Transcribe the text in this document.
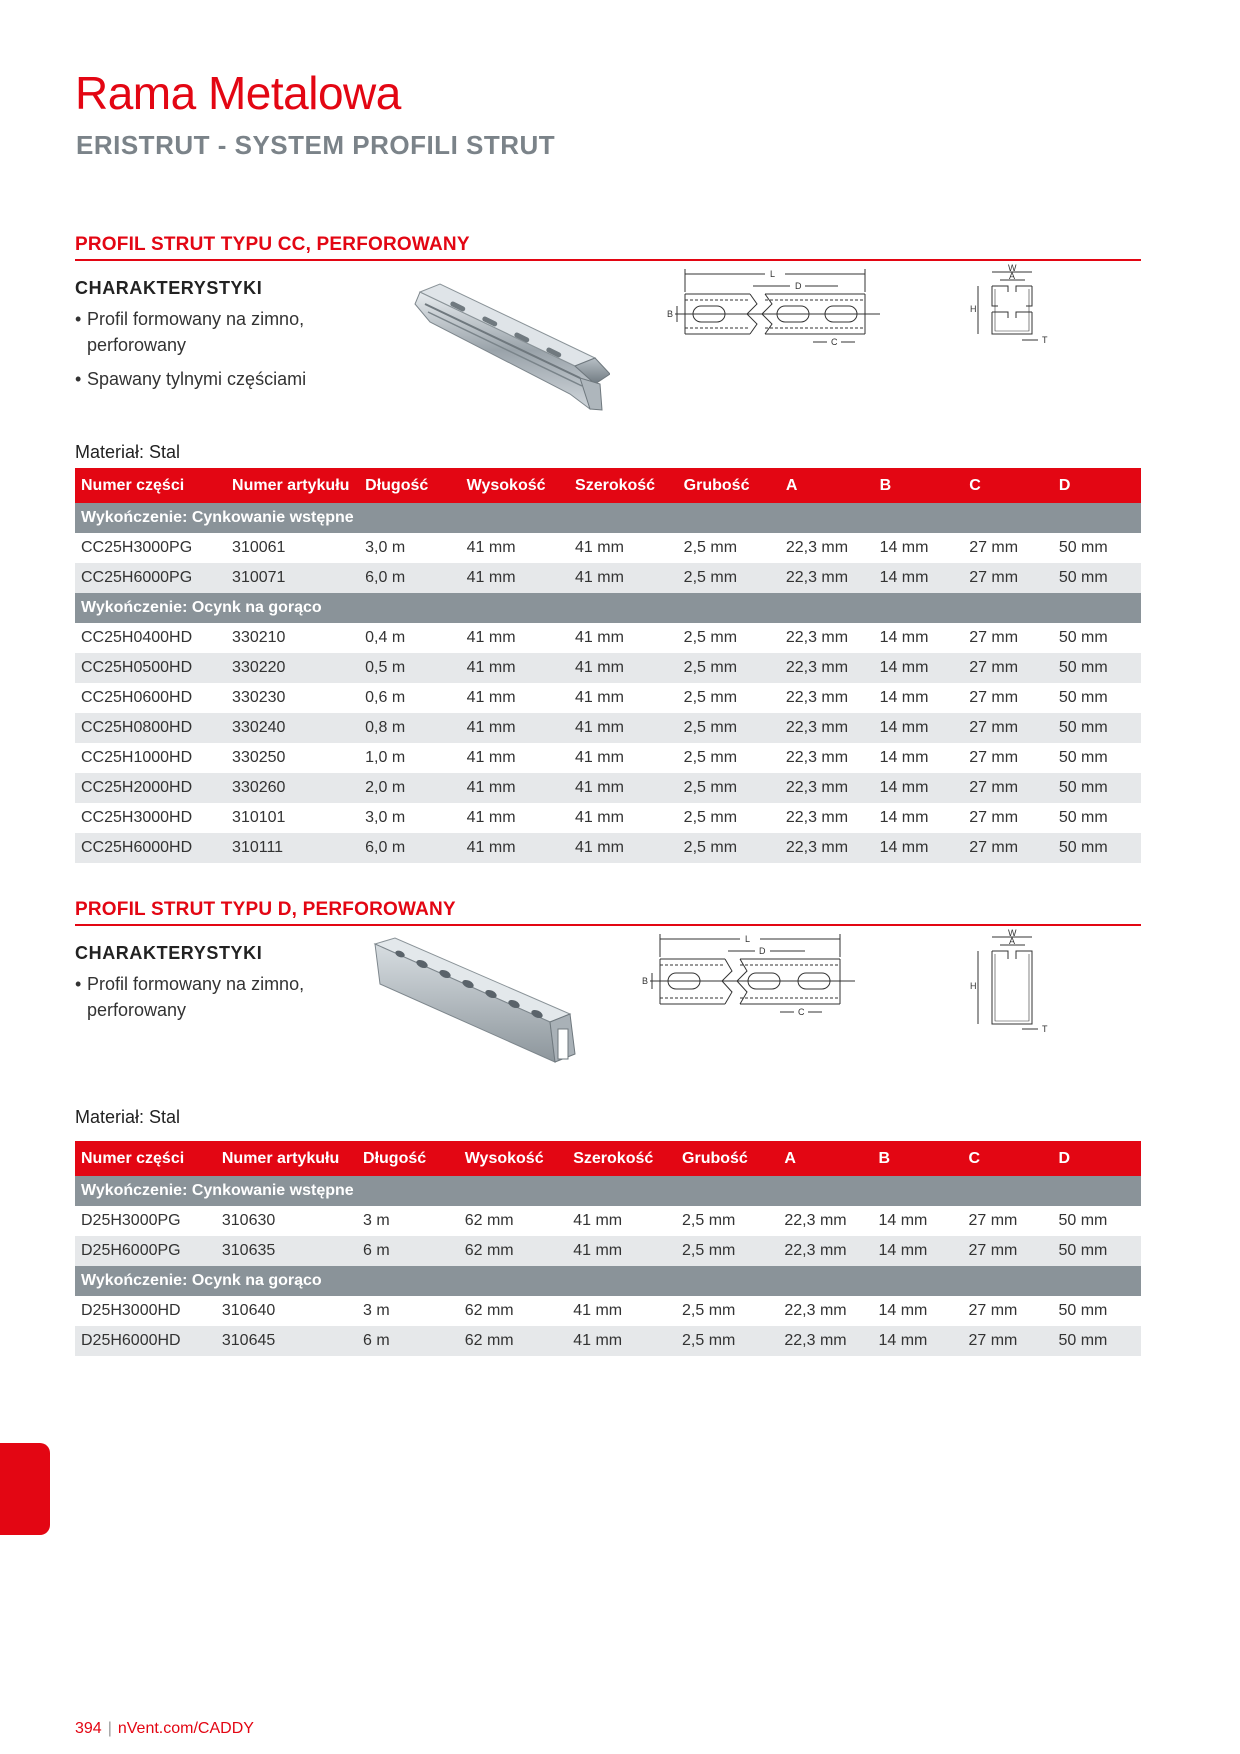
Rama Metalowa
ERISTRUT - SYSTEM PROFILI STRUT
PROFIL STRUT TYPU CC, PERFOROWANY
CHARAKTERYSTYKI
• Profil formowany na zimno, perforowany
• Spawany tylnymi częściami
L
D
B
C
W
A
H
T
Materiał: Stal
Numer części	Numer artykułu	Długość	Wysokość	Szerokość	Grubość	A	B	C	D
Wykończenie: Cynkowanie wstępne									
CC25H3000PG	310061	3,0 m	41 mm	41 mm	2,5 mm	22,3 mm	14 mm	27 mm	50 mm
CC25H6000PG	310071	6,0 m	41 mm	41 mm	2,5 mm	22,3 mm	14 mm	27 mm	50 mm
Wykończenie: Ocynk na gorąco									
CC25H0400HD	330210	0,4 m	41 mm	41 mm	2,5 mm	22,3 mm	14 mm	27 mm	50 mm
CC25H0500HD	330220	0,5 m	41 mm	41 mm	2,5 mm	22,3 mm	14 mm	27 mm	50 mm
CC25H0600HD	330230	0,6 m	41 mm	41 mm	2,5 mm	22,3 mm	14 mm	27 mm	50 mm
CC25H0800HD	330240	0,8 m	41 mm	41 mm	2,5 mm	22,3 mm	14 mm	27 mm	50 mm
CC25H1000HD	330250	1,0 m	41 mm	41 mm	2,5 mm	22,3 mm	14 mm	27 mm	50 mm
CC25H2000HD	330260	2,0 m	41 mm	41 mm	2,5 mm	22,3 mm	14 mm	27 mm	50 mm
CC25H3000HD	310101	3,0 m	41 mm	41 mm	2,5 mm	22,3 mm	14 mm	27 mm	50 mm
CC25H6000HD	310111	6,0 m	41 mm	41 mm	2,5 mm	22,3 mm	14 mm	27 mm	50 mm
PROFIL STRUT TYPU D, PERFOROWANY
CHARAKTERYSTYKI
• Profil formowany na zimno, perforowany
L
D
B
C
W
A
H
T
Materiał: Stal
Numer części	Numer artykułu	Długość	Wysokość	Szerokość	Grubość	A	B	C	D
Wykończenie: Cynkowanie wstępne									
D25H3000PG	310630	3 m	62 mm	41 mm	2,5 mm	22,3 mm	14 mm	27 mm	50 mm
D25H6000PG	310635	6 m	62 mm	41 mm	2,5 mm	22,3 mm	14 mm	27 mm	50 mm
Wykończenie: Ocynk na gorąco									
D25H3000HD	310640	3 m	62 mm	41 mm	2,5 mm	22,3 mm	14 mm	27 mm	50 mm
D25H6000HD	310645	6 m	62 mm	41 mm	2,5 mm	22,3 mm	14 mm	27 mm	50 mm
394 | nVent.com/CADDY
